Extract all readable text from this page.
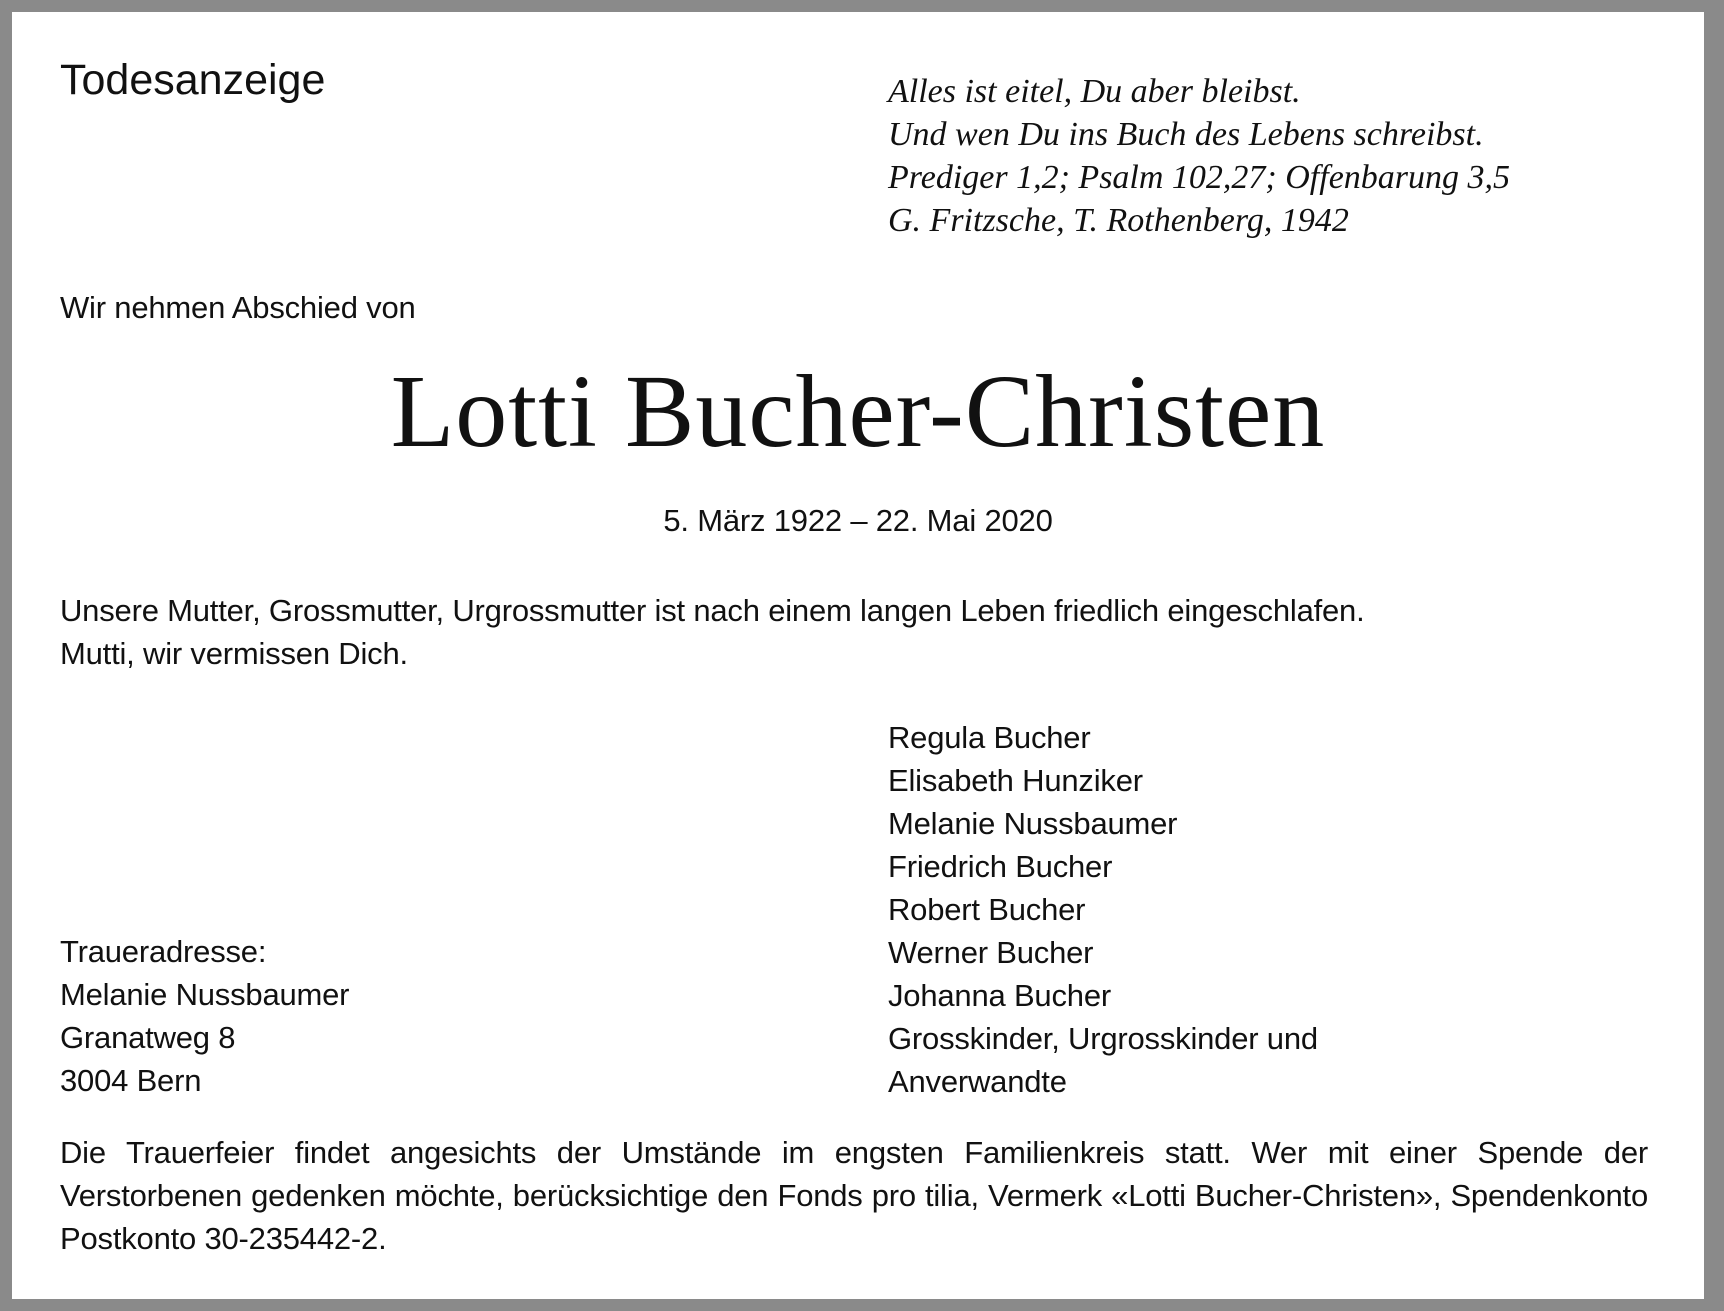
Todesanzeige	Alles ist eitel, Du aber bleibst.
Und wen Du ins Buch des Lebens schreibst.
Prediger 1,2; Psalm 102,27; Offenbarung 3,5
G. Fritzsche, T. Rothenberg, 1942

Wir nehmen Abschied von

Lotti Bucher-Christen

5. März 1922 – 22. Mai 2020

Unsere Mutter, Grossmutter, Urgrossmutter ist nach einem langen Leben friedlich eingeschlafen.
Mutti, wir vermissen Dich.
Regula Bucher
Elisabeth Hunziker
Melanie Nussbaumer
Friedrich Bucher
Robert Bucher
Werner Bucher
Johanna Bucher
Grosskinder, Urgrosskinder und
Anverwandte
Traueradresse:
Melanie Nussbaumer
Granatweg 8
3004 Bern

Die Trauerfeier findet angesichts der Umstände im engsten Familienkreis statt. Wer mit einer Spende der Verstorbenen gedenken möchte, berücksichtige den Fonds pro tilia, Vermerk «Lotti Bucher-Christen», Spendenkonto Postkonto 30-235442-2.
